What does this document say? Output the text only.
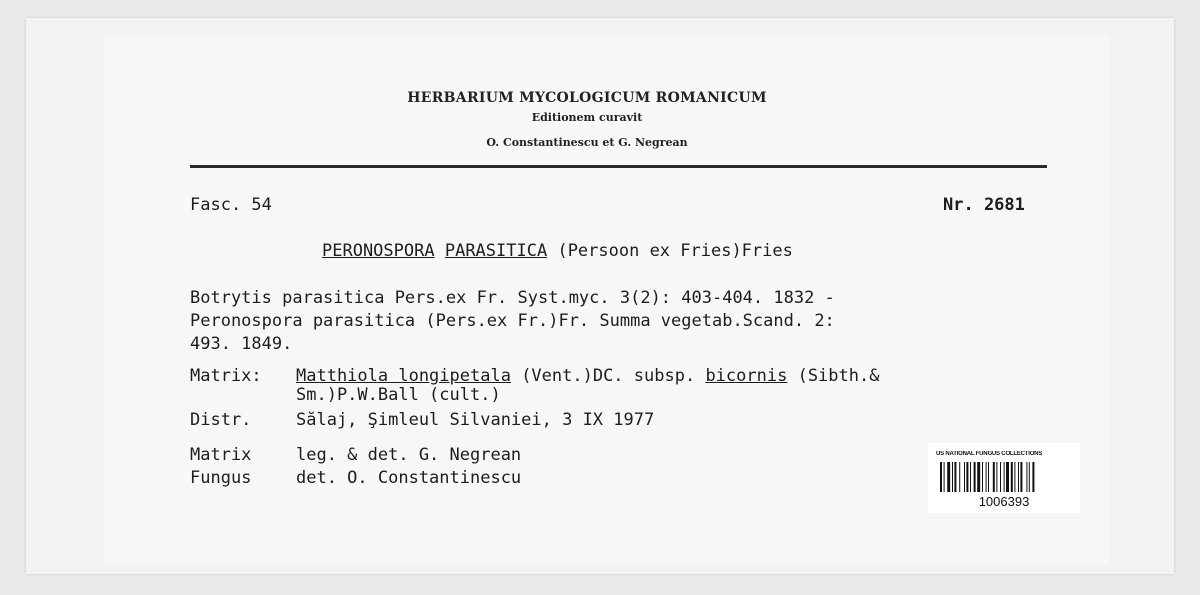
HERBARIUM MYCOLOGICUM ROMANICUM
Editionem curavit
O. Constantinescu et G. Negrean
Fasc. 54	Nr. 2681
PERONOSPORA PARASITICA (Persoon ex Fries)Fries
Botrytis parasitica Pers.ex Fr. Syst.myc. 3(2): 403-404. 1832 -
Peronospora parasitica (Pers.ex Fr.)Fr. Summa vegetab.Scand. 2:
493. 1849.
Matrix: Matthiola longipetala (Vent.)DC. subsp. bicornis (Sibth.&
Sm.)P.W.Ball (cult.)
Distr.	Sălaj, Şimleul Silvaniei, 3 IX 1977
Matrix	leg. & det. G. Negrean
Fungus	det. O. Constantinescu
US NATIONAL FUNGUS COLLECTIONS
1006393
